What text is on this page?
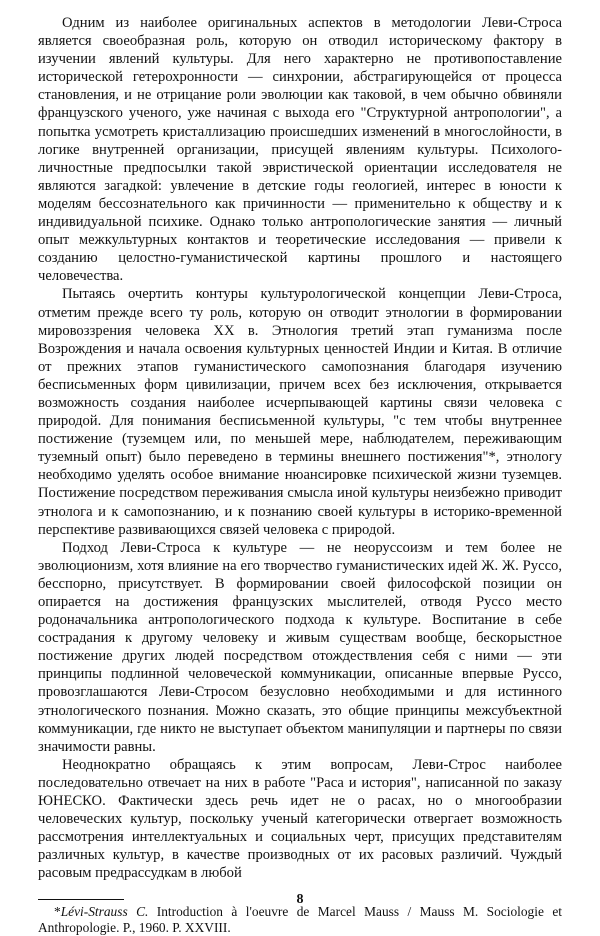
Одним из наиболее оригинальных аспектов в методологии Леви-Строса является своеобразная роль, которую он отводил историческому фактору в изучении явлений культуры. Для него характерно не противопоставление исторической гетерохронности — синхронии, абстрагирующейся от процесса становления, и не отрицание роли эволюции как таковой, в чем обычно обвиняли французского ученого, уже начиная с выхода его "Структурной антропологии", а попытка усмотреть кристаллизацию происшедших изменений в многослойности, в логике внутренней организации, присущей явлениям культуры. Психолого-личностные предпосылки такой эвристической ориентации исследователя не являются загадкой: увлечение в детские годы геологией, интерес в юности к моделям бессознательного как причинности — применительно к обществу и к индивидуальной психике. Однако только антропологические занятия — личный опыт межкультурных контактов и теоретические исследования — привели к созданию целостно-гуманистической картины прошлого и настоящего человечества.

Пытаясь очертить контуры культурологической концепции Леви-Строса, отметим прежде всего ту роль, которую он отводит этнологии в формировании мировоззрения человека XX в. Этнология третий этап гуманизма после Возрождения и начала освоения культурных ценностей Индии и Китая. В отличие от прежних этапов гуманистического самопознания благодаря изучению бесписьменных форм цивилизации, причем всех без исключения, открывается возможность создания наиболее исчерпывающей картины связи человека с природой. Для понимания бесписьменной культуры, "с тем чтобы внутреннее постижение (туземцем или, по меньшей мере, наблюдателем, переживающим туземный опыт) было переведено в термины внешнего постижения"*, этнологу необходимо уделять особое внимание нюансировке психической жизни туземцев. Постижение посредством переживания смысла иной культуры неизбежно приводит этнолога и к самопознанию, и к познанию своей культуры в историко-временной перспективе развивающихся связей человека с природой.

Подход Леви-Строса к культуре — не неоруссоизм и тем более не эволюционизм, хотя влияние на его творчество гуманистических идей Ж. Ж. Руссо, бесспорно, присутствует. В формировании своей философской позиции он опирается на достижения французских мыслителей, отводя Руссо место родоначальника антропологического подхода к культуре. Воспитание в себе сострадания к другому человеку и живым существам вообще, бескорыстное постижение других людей посредством отождествления себя с ними — эти принципы подлинной человеческой коммуникации, описанные впервые Руссо, провозглашаются Леви-Стросом безусловно необходимыми и для истинного этнологического познания. Можно сказать, это общие принципы межсубъектной коммуникации, где никто не выступает объектом манипуляции и партнеры по связи значимости равны.

Неоднократно обращаясь к этим вопросам, Леви-Строс наиболее последовательно отвечает на них в работе "Раса и история", написанной по заказу ЮНЕСКО. Фактически здесь речь идет не о расах, но о многообразии человеческих культур, поскольку ученый категорически отвергает возможность рассмотрения интеллектуальных и социальных черт, присущих представителям различных культур, в качестве производных от их расовых различий. Чуждый расовым предрассудкам в любой

*Lévi-Strauss C. Introduction à l'oeuvre de Marcel Mauss / Mauss M. Sociologie et Anthropologie. P., 1960. P. XXVIII.

8
